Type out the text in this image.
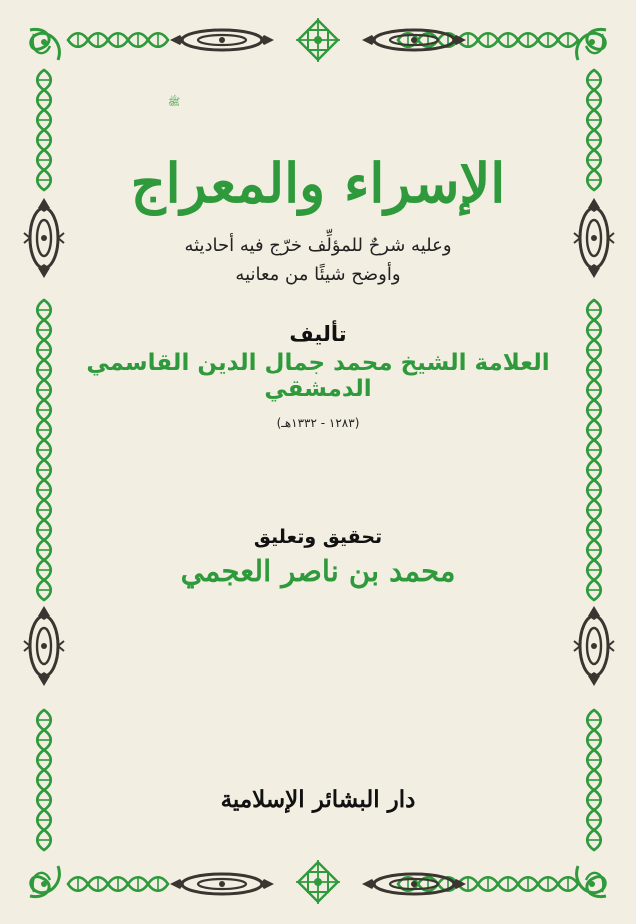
ﷺ
الإسراء والمعراج
وعليه شرحٌ للمؤلِّف خرّج فيه أحاديثه
وأوضح شيئًا من معانيه
تأليف
العلامة الشيخ محمد جمال الدين القاسمي الدمشقي
(١٢٨٣ - ١٣٣٢هـ)
تحقيق وتعليق
محمد بن ناصر العجمي
دار البشائر الإسلامية
